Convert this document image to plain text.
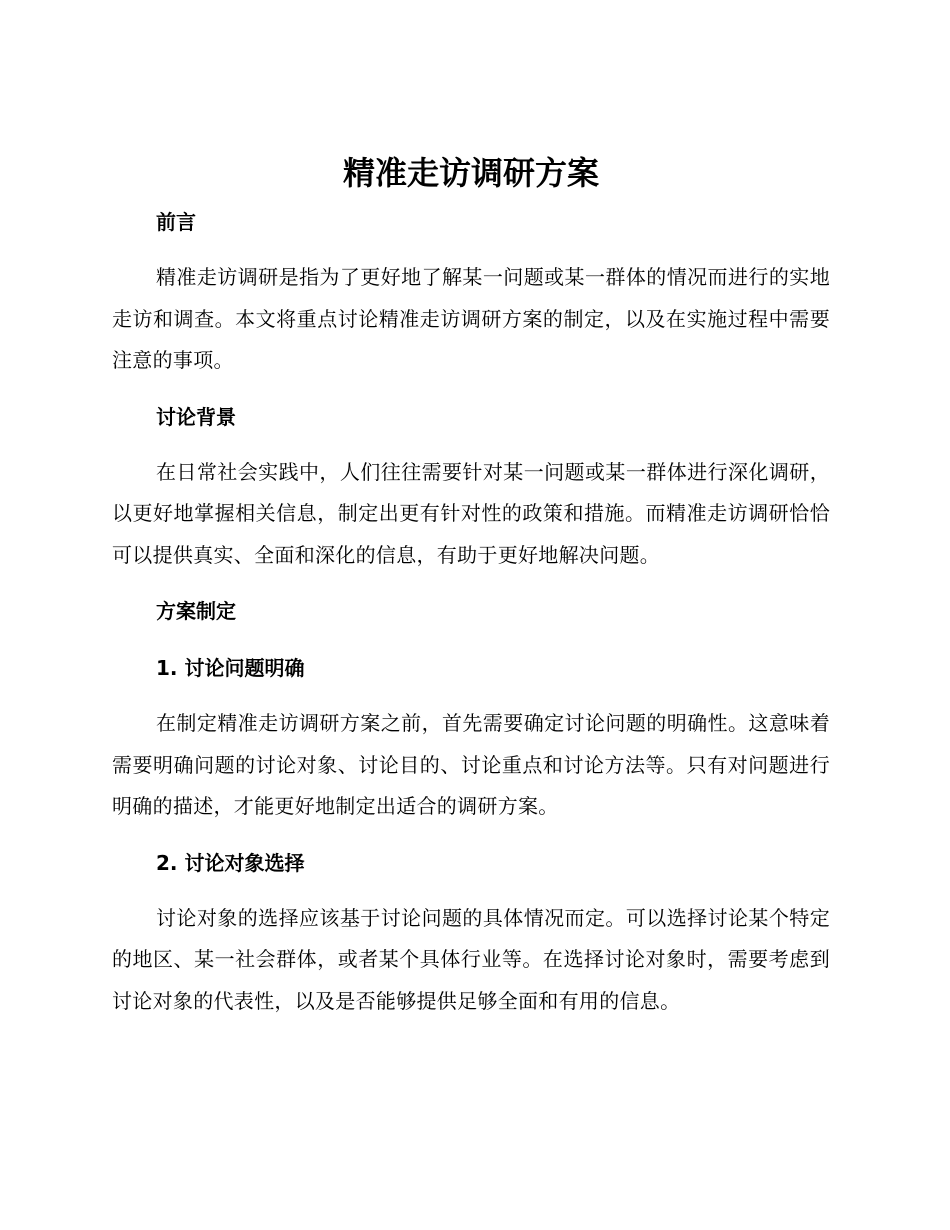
精准走访调研方案
前言

精准走访调研是指为了更好地了解某一问题或某一群体的情况而进行的实地走访和调查。本文将重点讨论精准走访调研方案的制定，以及在实施过程中需要注意的事项。

讨论背景

在日常社会实践中，人们往往需要针对某一问题或某一群体进行深化调研，以更好地掌握相关信息，制定出更有针对性的政策和措施。而精准走访调研恰恰可以提供真实、全面和深化的信息，有助于更好地解决问题。

方案制定
1. 讨论问题明确

在制定精准走访调研方案之前，首先需要确定讨论问题的明确性。这意味着需要明确问题的讨论对象、讨论目的、讨论重点和讨论方法等。只有对问题进行明确的描述，才能更好地制定出适合的调研方案。

2. 讨论对象选择

讨论对象的选择应该基于讨论问题的具体情况而定。可以选择讨论某个特定的地区、某一社会群体，或者某个具体行业等。在选择讨论对象时，需要考虑到讨论对象的代表性，以及是否能够提供足够全面和有用的信息。
